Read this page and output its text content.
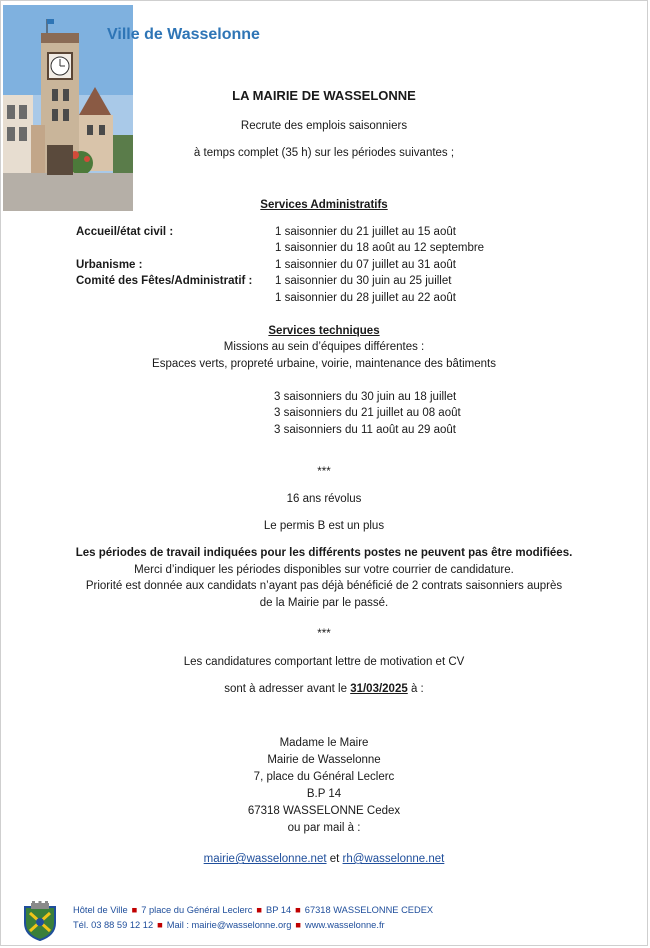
Ville de Wasselonne
LA MAIRIE DE WASSELONNE
Recrute des emplois saisonniers
à temps complet (35 h) sur les périodes suivantes ;
Services Administratifs
Accueil/état civil :	1 saisonnier du 21 juillet au 15 août
1 saisonnier du 18 août au 12 septembre
Urbanisme :	1 saisonnier du 07 juillet au 31 août
Comité des Fêtes/Administratif : 1 saisonnier du 30 juin au 25 juillet
1 saisonnier du 28 juillet au 22 août
Services techniques
Missions au sein d’équipes différentes :
Espaces verts, propreté urbaine, voirie, maintenance des bâtiments
3 saisonniers du 30 juin au 18 juillet
3 saisonniers du 21 juillet au 08 août
3 saisonniers du 11 août au 29 août
***
16 ans révolus
Le permis B est un plus
Les périodes de travail indiquées pour les différents postes ne peuvent pas être modifiées.
Merci d’indiquer les périodes disponibles sur votre courrier de candidature.
Priorité est donnée aux candidats n’ayant pas déjà bénéficié de 2 contrats saisonniers auprès
de la Mairie par le passé.
***
Les candidatures comportant lettre de motivation et CV
sont à adresser avant le 31/03/2025 à :
Madame le Maire
Mairie de Wasselonne
7, place du Général Leclerc
B.P 14
67318 WASSELONNE Cedex
ou par mail à :
mairie@wasselonne.net et rh@wasselonne.net
Hôtel de Ville ■ 7 place du Général Leclerc ■ BP 14 ■ 67318 WASSELONNE CEDEX
Tél. 03 88 59 12 12 ■ Mail : mairie@wasselonne.org ■ www.wasselonne.fr
